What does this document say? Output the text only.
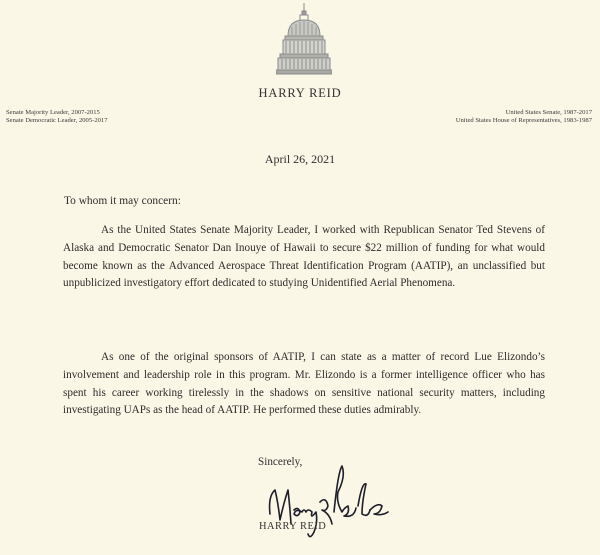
HARRY REID
Senate Majority Leader, 2007-2015
Senate Democratic Leader, 2005-2017
United States Senate, 1987-2017
United States House of Representatives, 1983-1987
April 26, 2021
To whom it may concern:
As the United States Senate Majority Leader, I worked with Republican Senator Ted Stevens of Alaska and Democratic Senator Dan Inouye of Hawaii to secure $22 million of funding for what would become known as the Advanced Aerospace Threat Identification Program (AATIP), an unclassified but unpublicized investigatory effort dedicated to studying Unidentified Aerial Phenomena.
As one of the original sponsors of AATIP, I can state as a matter of record Lue Elizondo’s involvement and leadership role in this program. Mr. Elizondo is a former intelligence officer who has spent his career working tirelessly in the shadows on sensitive national security matters, including investigating UAPs as the head of AATIP. He performed these duties admirably.
Sincerely,
HARRY REID
